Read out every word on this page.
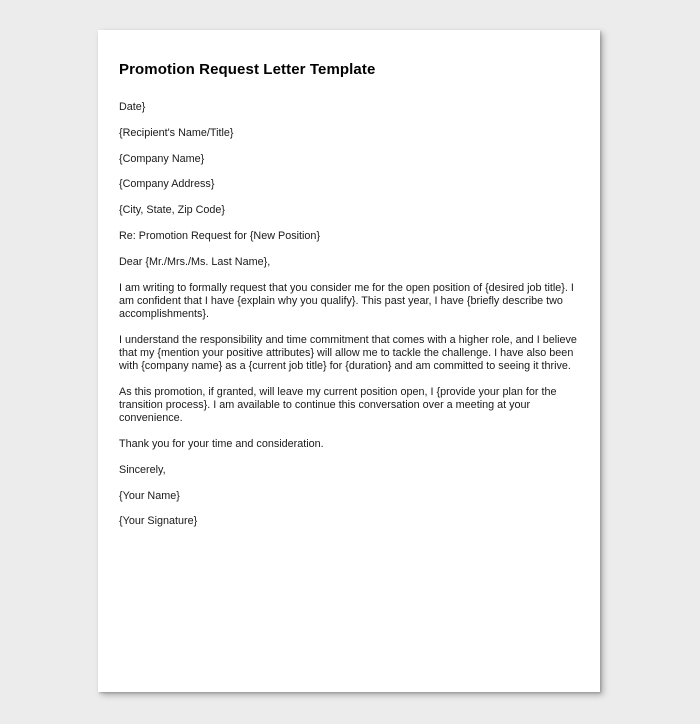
Promotion Request Letter Template

Date}

{Recipient's Name/Title}

{Company Name}

{Company Address}

{City, State, Zip Code}

Re: Promotion Request for {New Position}

Dear {Mr./Mrs./Ms. Last Name},

I am writing to formally request that you consider me for the open position of {desired job title}. I am confident that I have {explain why you qualify}. This past year, I have {briefly describe two accomplishments}.

I understand the responsibility and time commitment that comes with a higher role, and I believe that my {mention your positive attributes} will allow me to tackle the challenge. I have also been with {company name} as a {current job title} for {duration} and am committed to seeing it thrive.

As this promotion, if granted, will leave my current position open, I {provide your plan for the transition process}. I am available to continue this conversation over a meeting at your convenience.

Thank you for your time and consideration.

Sincerely,

{Your Name}

{Your Signature}
